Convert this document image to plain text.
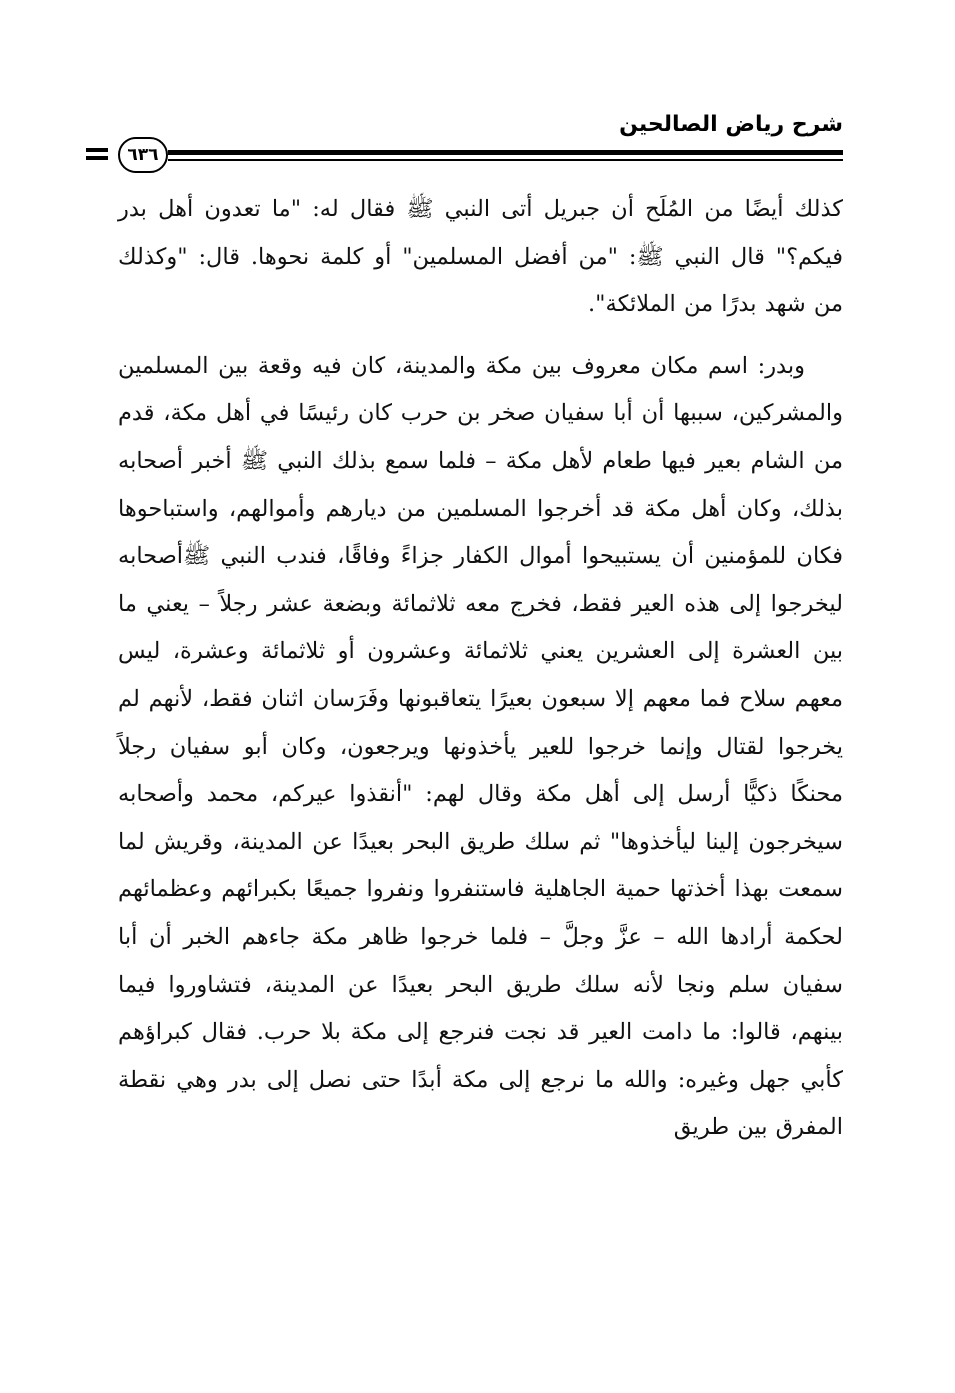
شرح رياض الصالحين
٦٣٦

كذلك أيضًا من المُلَح أن جبريل أتى النبي ﷺ فقال له: "ما تعدون أهل بدر فيكم؟" قال النبي ﷺ: "من أفضل المسلمين" أو كلمة نحوها. قال: "وكذلك من شهد بدرًا من الملائكة".

وبدر: اسم مكان معروف بين مكة والمدينة، كان فيه وقعة بين المسلمين والمشركين، سببها أن أبا سفيان صخر بن حرب كان رئيسًا في أهل مكة، قدم من الشام بعير فيها طعام لأهل مكة – فلما سمع بذلك النبي ﷺ أخبر أصحابه بذلك، وكان أهل مكة قد أخرجوا المسلمين من ديارهم وأموالهم، واستباحوها فكان للمؤمنين أن يستبيحوا أموال الكفار جزاءً وفاقًا، فندب النبي ﷺأصحابه ليخرجوا إلى هذه العير فقط، فخرج معه ثلاثمائة وبضعة عشر رجلاً – يعني ما بين العشرة إلى العشرين يعني ثلاثمائة وعشرون أو ثلاثمائة وعشرة، ليس معهم سلاح فما معهم إلا سبعون بعيرًا يتعاقبونها وفَرَسان اثنان فقط، لأنهم لم يخرجوا لقتال وإنما خرجوا للعير يأخذونها ويرجعون، وكان أبو سفيان رجلاً محنكًا ذكيًّا أرسل إلى أهل مكة وقال لهم: "أنقذوا عيركم، محمد وأصحابه سيخرجون إلينا ليأخذوها" ثم سلك طريق البحر بعيدًا عن المدينة، وقريش لما سمعت بهذا أخذتها حمية الجاهلية فاستنفروا ونفروا جميعًا بكبرائهم وعظمائهم لحكمة أرادها الله – عزَّ وجلَّ – فلما خرجوا ظاهر مكة جاءهم الخبر أن أبا سفيان سلم ونجا لأنه سلك طريق البحر بعيدًا عن المدينة، فتشاوروا فيما بينهم، قالوا: ما دامت العير قد نجت فنرجع إلى مكة بلا حرب. فقال كبراؤهم كأبي جهل وغيره: والله ما نرجع إلى مكة أبدًا حتى نصل إلى بدر وهي نقطة المفرق بين طريق
